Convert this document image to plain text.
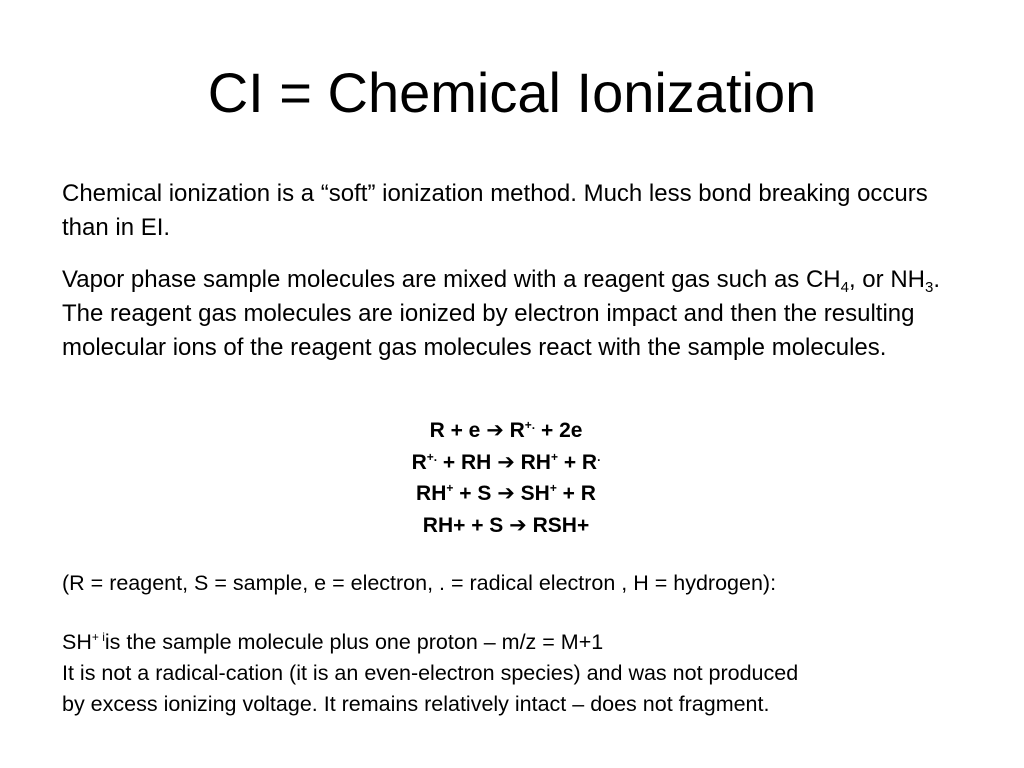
CI = Chemical Ionization

Chemical ionization is a “soft” ionization method. Much less bond breaking occurs than in EI.

Vapor phase sample molecules are mixed with a reagent gas such as $CH_4$, or $NH_3$. The reagent gas molecules are ionized by electron impact and then the resulting molecular ions of the reagent gas molecules react with the sample molecules.

R + e ➔ R+. + 2e
R+. + RH ➔ RH+ + R.
RH+ + S ➔ SH+ + R
RH+ + S ➔ RSH+

(R = reagent, S = sample, e = electron, . = radical electron , H = hydrogen):

$SH^{+ i}is$ the sample molecule plus one proton – m/z = M+1

It is not a radical-cation (it is an even-electron species) and was not produced
by excess ionizing voltage. It remains relatively intact – does not fragment.
